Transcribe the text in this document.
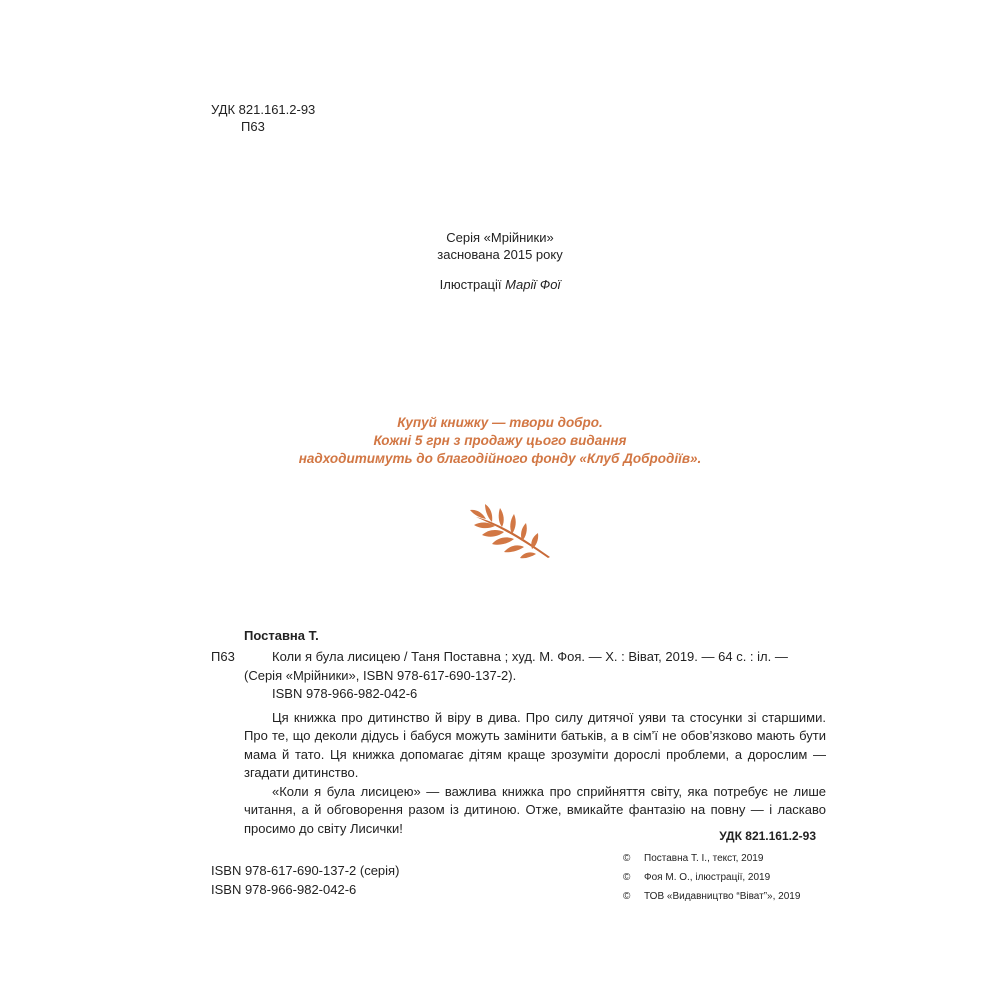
УДК 821.161.2-93
П63
Серія «Мрійники»
заснована 2015 року
Ілюстрації Марії Фої
Купуй книжку — твори добро.
Кожні 5 грн з продажу цього видання
надходитимуть до благодійного фонду «Клуб Добродіїв».
Поставна Т.
П63	Коли я була лисицею / Таня Поставна ; худ. М. Фоя. — Х. : Віват, 2019. — 64 с. : іл. — (Серія «Мрійники», ISBN 978-617-690-137-2).

ISBN 978-966-982-042-6

Ця книжка про дитинство й віру в дива. Про силу дитячої уяви та стосунки зі старшими. Про те, що деколи дідусь і бабуся можуть замінити батьків, а в сім’ї не обов’язково мають бути мама й тато. Ця книжка допомагає дітям краще зрозуміти дорослі проблеми, а дорослим — згадати дитинство.

«Коли я була лисицею» — важлива книжка про сприйняття світу, яка потребує не лише читання, а й обговорення разом із дитиною. Отже, вмикайте фантазію на повну — і ласкаво просимо до світу Лисички!

УДК 821.161.2-93
ISBN 978-617-690-137-2 (серія)
ISBN 978-966-982-042-6
© Поставна Т. І., текст, 2019
© Фоя М. О., ілюстрації, 2019
© ТОВ «Видавництво “Віват”», 2019
